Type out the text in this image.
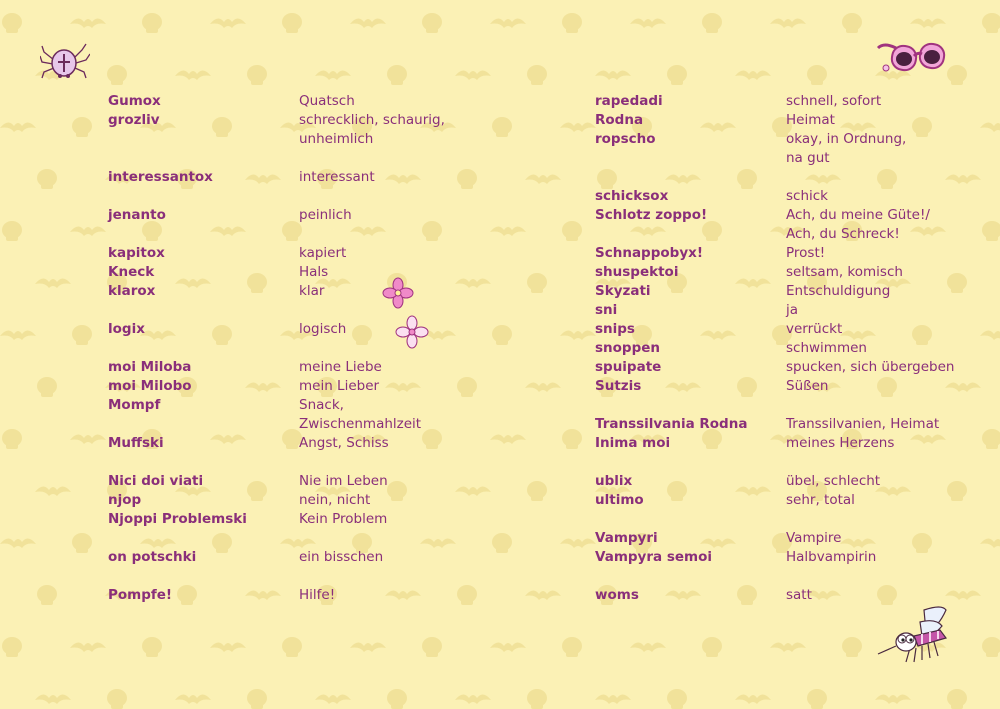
Gumox	Quatsch
grozliv	schrecklich, schaurig,
unheimlich
interessantox	interessant
jenanto	peinlich
kapitox	kapiert
Kneck	Hals
klarox	klar
logix	logisch
moi Miloba	meine Liebe
moi Milobo	mein Lieber
Mompf	Snack,
Zwischenmahlzeit
Muffski	Angst, Schiss
Nici doi viati	Nie im Leben
njop	nein, nicht
Njoppi Problemski	Kein Problem
on potschki	ein bisschen
Pompfe!	Hilfe!
rapedadi	schnell, sofort
Rodna	Heimat
ropscho	okay, in Ordnung,
na gut
schicksox	schick
Schlotz zoppo!	Ach, du meine Güte!/
Ach, du Schreck!
Schnappobyx!	Prost!
shuspektoi	seltsam, komisch
Skyzati	Entschuldigung
sni	ja
snips	verrückt
snoppen	schwimmen
spuipate	spucken, sich übergeben
Sutzis	Süßen
Transsilvania Rodna	Transsilvanien, Heimat
Inima moi	meines Herzens
ublix	übel, schlecht
ultimo	sehr, total
Vampyri	Vampire
Vampyra semoi	Halbvampirin
woms	satt
